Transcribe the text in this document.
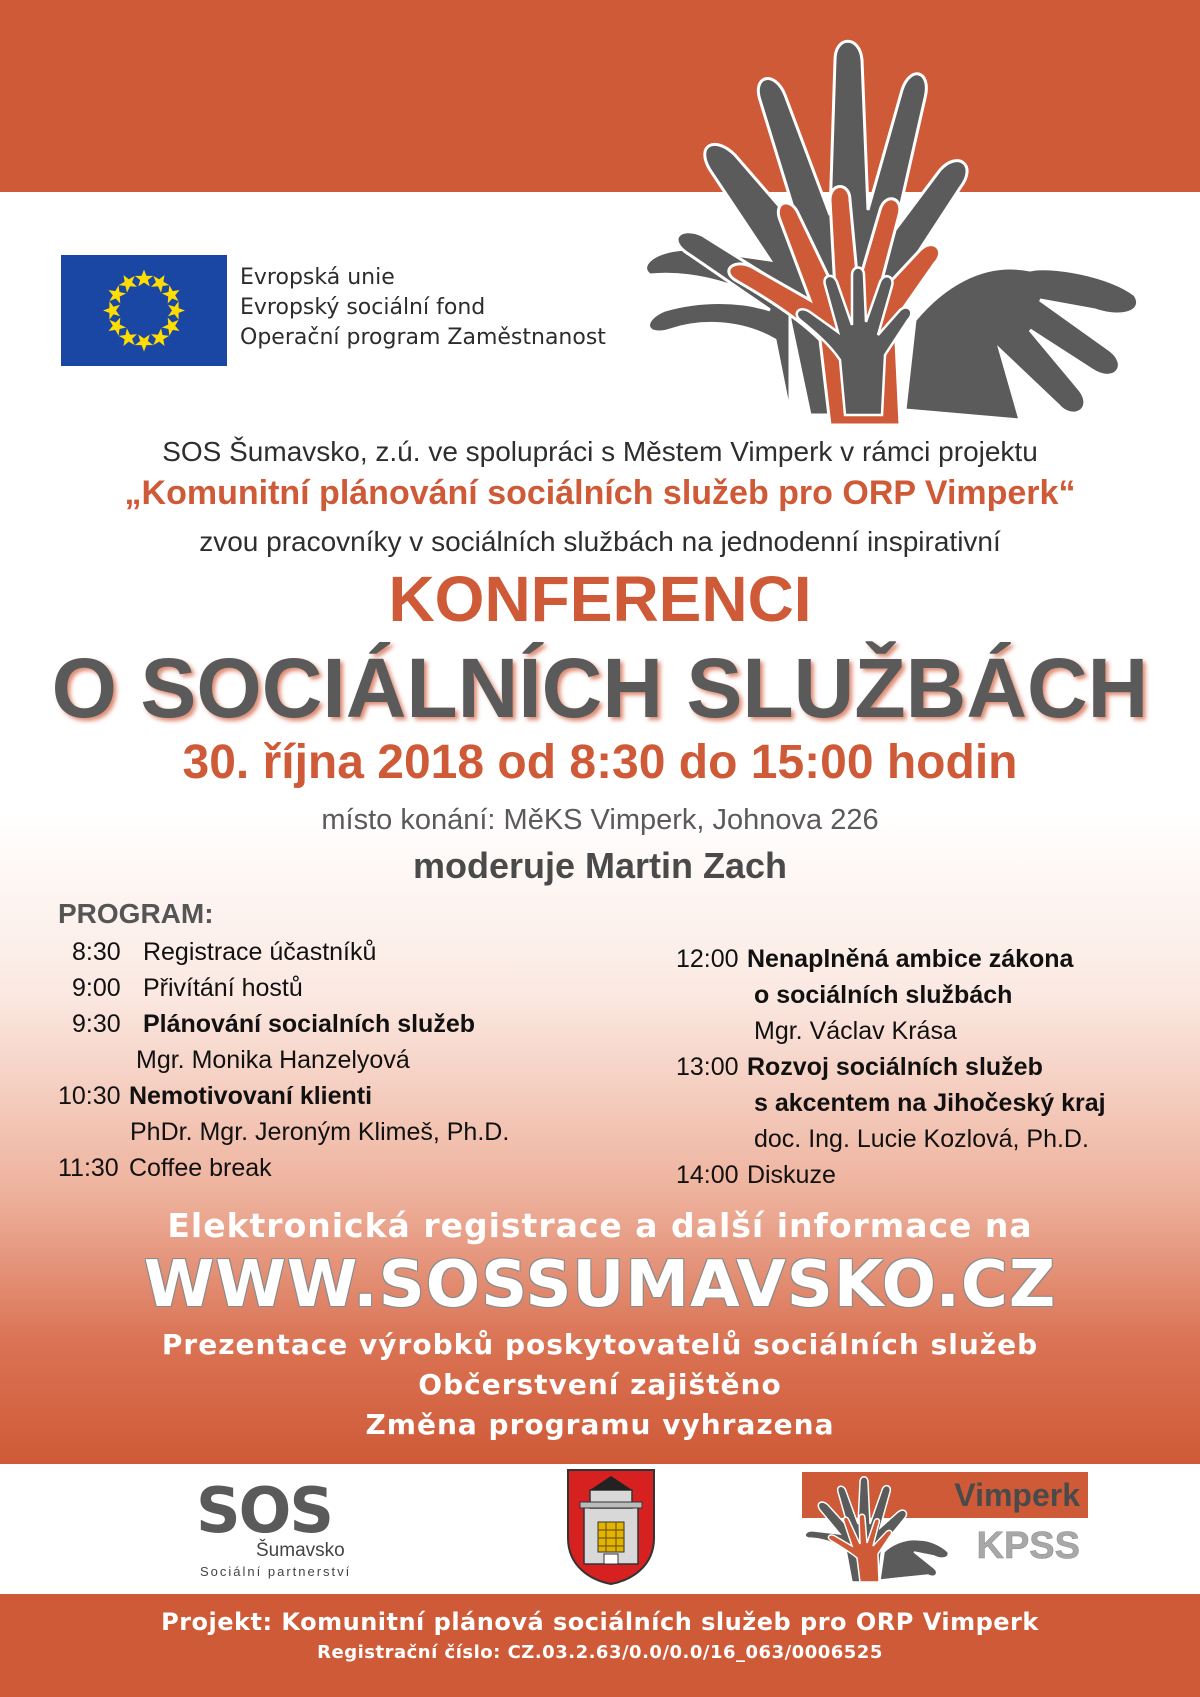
Evropská unie
Evropský sociální fond
Operační program Zaměstnanost
SOS Šumavsko, z.ú. ve spolupráci s Městem Vimperk v rámci projektu
„Komunitní plánování sociálních služeb pro ORP Vimperk“
zvou pracovníky v sociálních službách na jednodenní inspirativní
KONFERENCI
O SOCIÁLNÍCH SLUŽBÁCH
30. října 2018 od 8:30 do 15:00 hodin
místo konání: MěKS Vimperk, Johnova 226
moderuje Martin Zach
PROGRAM:
8:30 Registrace účastníků
9:00 Přivítání hostů
9:30 Plánování socialních služeb
Mgr. Monika Hanzelyová
10:30 Nemotivovaní klienti
PhDr. Mgr. Jeroným Klimeš, Ph.D.
11:30 Coffee break
12:00 Nenaplněná ambice zákona
o sociálních službách
Mgr. Václav Krása
13:00 Rozvoj sociálních služeb
s akcentem na Jihočeský kraj
doc. Ing. Lucie Kozlová, Ph.D.
14:00 Diskuze
Elektronická registrace a další informace na
WWW.SOSSUMAVSKO.CZ
Prezentace výrobků poskytovatelů sociálních služeb
Občerstvení zajištěno
Změna programu vyhrazena
SOS
Šumavsko
Sociální partnerství
Vimperk
KPSS
Projekt: Komunitní plánová sociálních služeb pro ORP Vimperk
Registrační číslo: CZ.03.2.63/0.0/0.0/16_063/0006525
